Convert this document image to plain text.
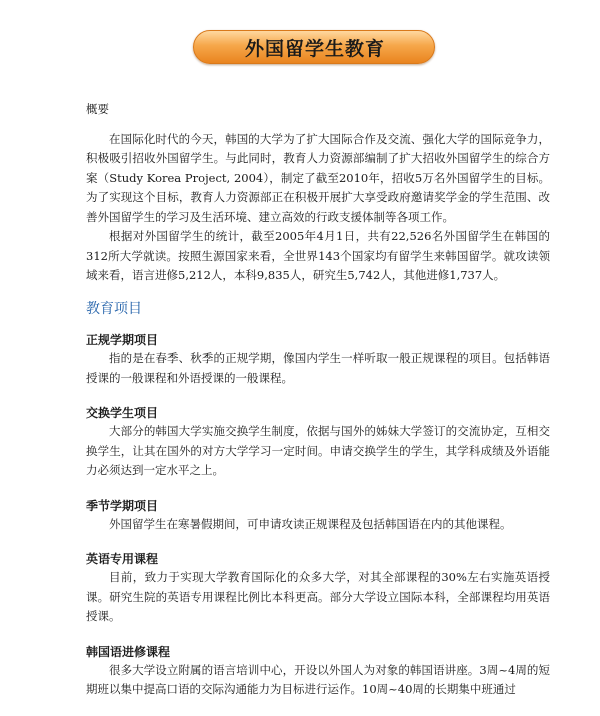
外国留学生教育

概要

在国际化时代的今天，韩国的大学为了扩大国际合作及交流、强化大学的国际竞争力，积极吸引招收外国留学生。与此同时，教育人力资源部编制了扩大招收外国留学生的综合方案（Study Korea Project, 2004），制定了截至2010年，招收5万名外国留学生的目标。为了实现这个目标，教育人力资源部正在积极开展扩大享受政府邀请奖学金的学生范围、改善外国留学生的学习及生活环境、建立高效的行政支援体制等各项工作。

根据对外国留学生的统计，截至2005年4月1日，共有22,526名外国留学生在韩国的312所大学就读。按照生源国家来看，全世界143个国家均有留学生来韩国留学。就攻读领域来看，语言进修5,212人，本科9,835人，研究生5,742人，其他进修1,737人。

教育项目

正规学期项目

指的是在春季、秋季的正规学期，像国内学生一样听取一般正规课程的项目。包括韩语授课的一般课程和外语授课的一般课程。

交换学生项目

大部分的韩国大学实施交换学生制度，依据与国外的姊妹大学签订的交流协定，互相交换学生，让其在国外的对方大学学习一定时间。申请交换学生的学生，其学科成绩及外语能力必须达到一定水平之上。

季节学期项目

外国留学生在寒暑假期间，可申请攻读正规课程及包括韩国语在内的其他课程。

英语专用课程

目前，致力于实现大学教育国际化的众多大学，对其全部课程的30%左右实施英语授课。研究生院的英语专用课程比例比本科更高。部分大学设立国际本科，全部课程均用英语授课。

韩国语进修课程

很多大学设立附属的语言培训中心，开设以外国人为对象的韩国语讲座。3周~4周的短期班以集中提高口语的交际沟通能力为目标进行运作。10周~40周的长期集中班通过
